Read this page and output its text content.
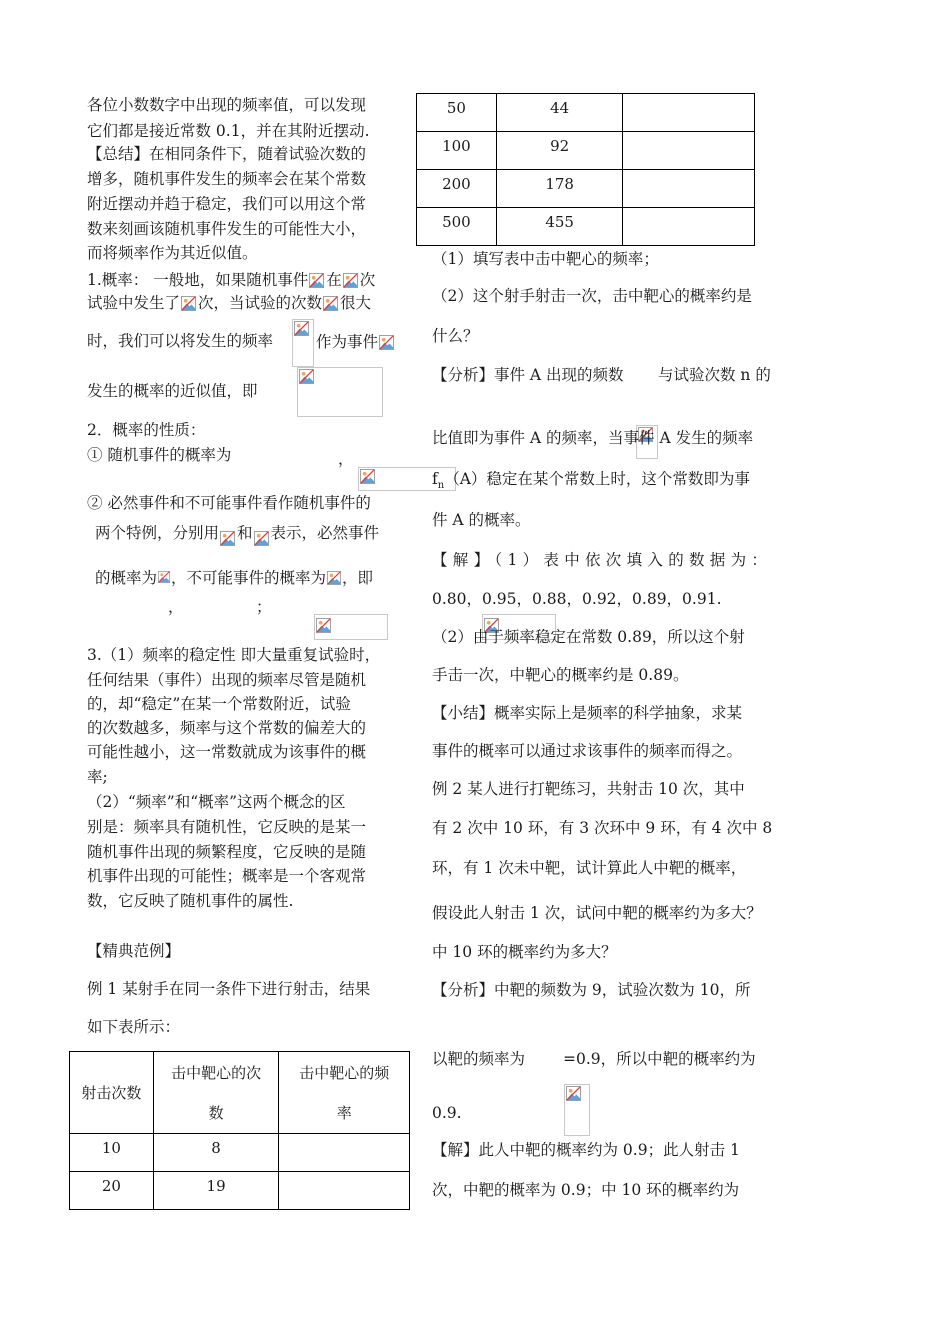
各位小数数字中出现的频率值，可以发现
它们都是接近常数 0.1，并在其附近摆动.
【总结】在相同条件下，随着试验次数的
增多，随机事件发生的频率会在某个常数
附近摆动并趋于稳定，我们可以用这个常
数来刻画该随机事件发生的可能性大小，
而将频率作为其近似值。
1.概率： 一般地，如果随机事件 在 次
试验中发生了 次，当试验的次数 很大
时，我们可以将发生的频率
	作为事件
发生的概率的近似值，即

2．概率的性质：
① 随机事件的概率为
	，
② 必然事件和不可能事件看作随机事件的
两个特例，分别用 和 表示，必然事件
的概率为 ，不可能事件的概率为 ，即

，	；
3.（1）频率的稳定性 即大量重复试验时，
任何结果（事件）出现的频率尽管是随机
的，却“稳定”在某一个常数附近，试验
的次数越多，频率与这个常数的偏差大的
可能性越小，这一常数就成为该事件的概
率;
（2）“频率”和“概率”这两个概念的区
别是：频率具有随机性，它反映的是某一
随机事件出现的频繁程度，它反映的是随
机事件出现的可能性；概率是一个客观常
数，它反映了随机事件的属性.
【精典范例】
例 1 某射手在同一条件下进行射击，结果
如下表所示：
射击次数	击中靶心的次
数	击中靶心的频
率
10	8	
20	19	
50	44	
100	92	
200	178	
500	455	
（1）填写表中击中靶心的频率；
（2）这个射手射击一次，击中靶心的概率约是
什么？
【分析】事件 A 出现的频数
与试验次数 n 的
比值即为事件 A 的频率，当事件 A 发生的频率
$f_n(A)$稳定在某个常数上时，这个常数即为事
件 A 的概率。
【解】（1）表中依次填入的数据为：
0.80，0.95，0.88，0.92，0.89，0.91.
（2）由于频率稳定在常数 0.89，所以这个射
手击一次，中靶心的概率约是 0.89。
【小结】概率实际上是频率的科学抽象，求某
事件的概率可以通过求该事件的频率而得之。
例 2 某人进行打靶练习，共射击 10 次，其中
有 2 次中 10 环，有 3 次环中 9 环，有 4 次中 8
环，有 1 次未中靶，试计算此人中靶的概率，
假设此人射击 1 次，试问中靶的概率约为多大？
中 10 环的概率约为多大？
【分析】中靶的频数为 9，试验次数为 10，所
以靶的频率为 =0.9，所以中靶的概率约为
0.9.
【解】此人中靶的概率约为 0.9；此人射击 1
次，中靶的概率为 0.9；中 10 环的概率约为
